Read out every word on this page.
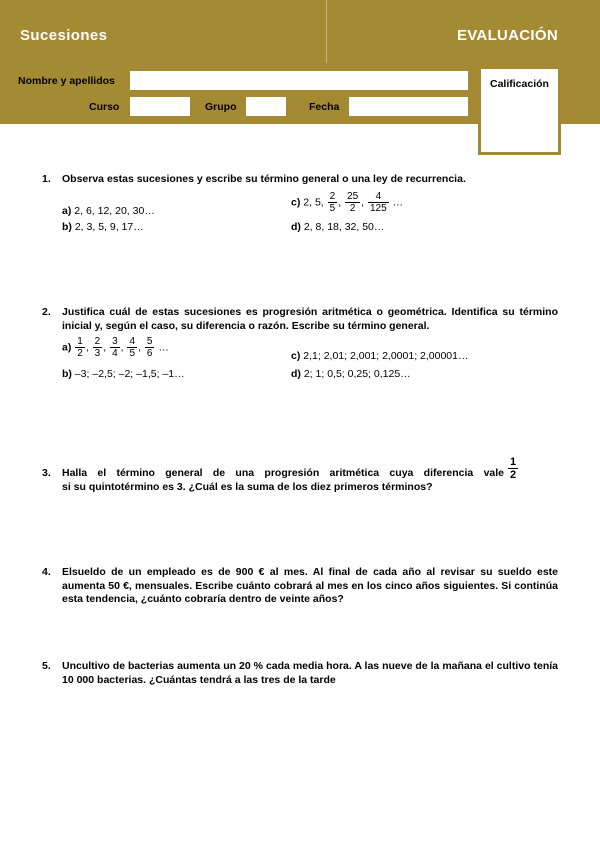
Sucesiones	EVALUACIÓN
Nombre y apellidos
Curso	Grupo	Fecha
Calificación
1. Observa estas sucesiones y escribe su término general o una ley de recurrencia.
a) 2, 6, 12, 20, 30…
b) 2, 3, 5, 9, 17…
c) 2, 5, $\frac{2}{5}$ , $\frac{25}{2}$ , $\frac{4}{125}$ …
d) 2, 8, 18, 32, 50…
2. Justifica cuál de estas sucesiones es progresión aritmética o geométrica. Identifica su término inicial y, según el caso, su diferencia o razón. Escribe su término general.
$a) \frac{1}{2}$ , $\frac{2}{3}$ , $\frac{3}{4}$ , $\frac{4}{5}$ , $\frac{5}{6}$ …
b) –3; –2,5; –2; –1,5; –1…
c) 2,1; 2,01; 2,001; 2,0001; 2,00001…
d) 2; 1; 0,5; 0,25; 0,125…
3. Halla el término general de una progresión aritmética cuya diferencia vale
si su quintotérmino es 3. ¿Cuál es la suma de los diez primeros términos?
1
2
4. Elsueldo de un empleado es de 900 € al mes. Al final de cada año al revisar su sueldo este aumenta 50 €, mensuales. Escribe cuánto cobrará al mes en los cinco años siguientes. Si continúa esta tendencia, ¿cuánto cobraría dentro de veinte años?
5. Uncultivo de bacterias aumenta un 20 % cada media hora. A las nueve de la mañana el cultivo tenía 10 000 bacterias. ¿Cuántas tendrá a las tres de la tarde
